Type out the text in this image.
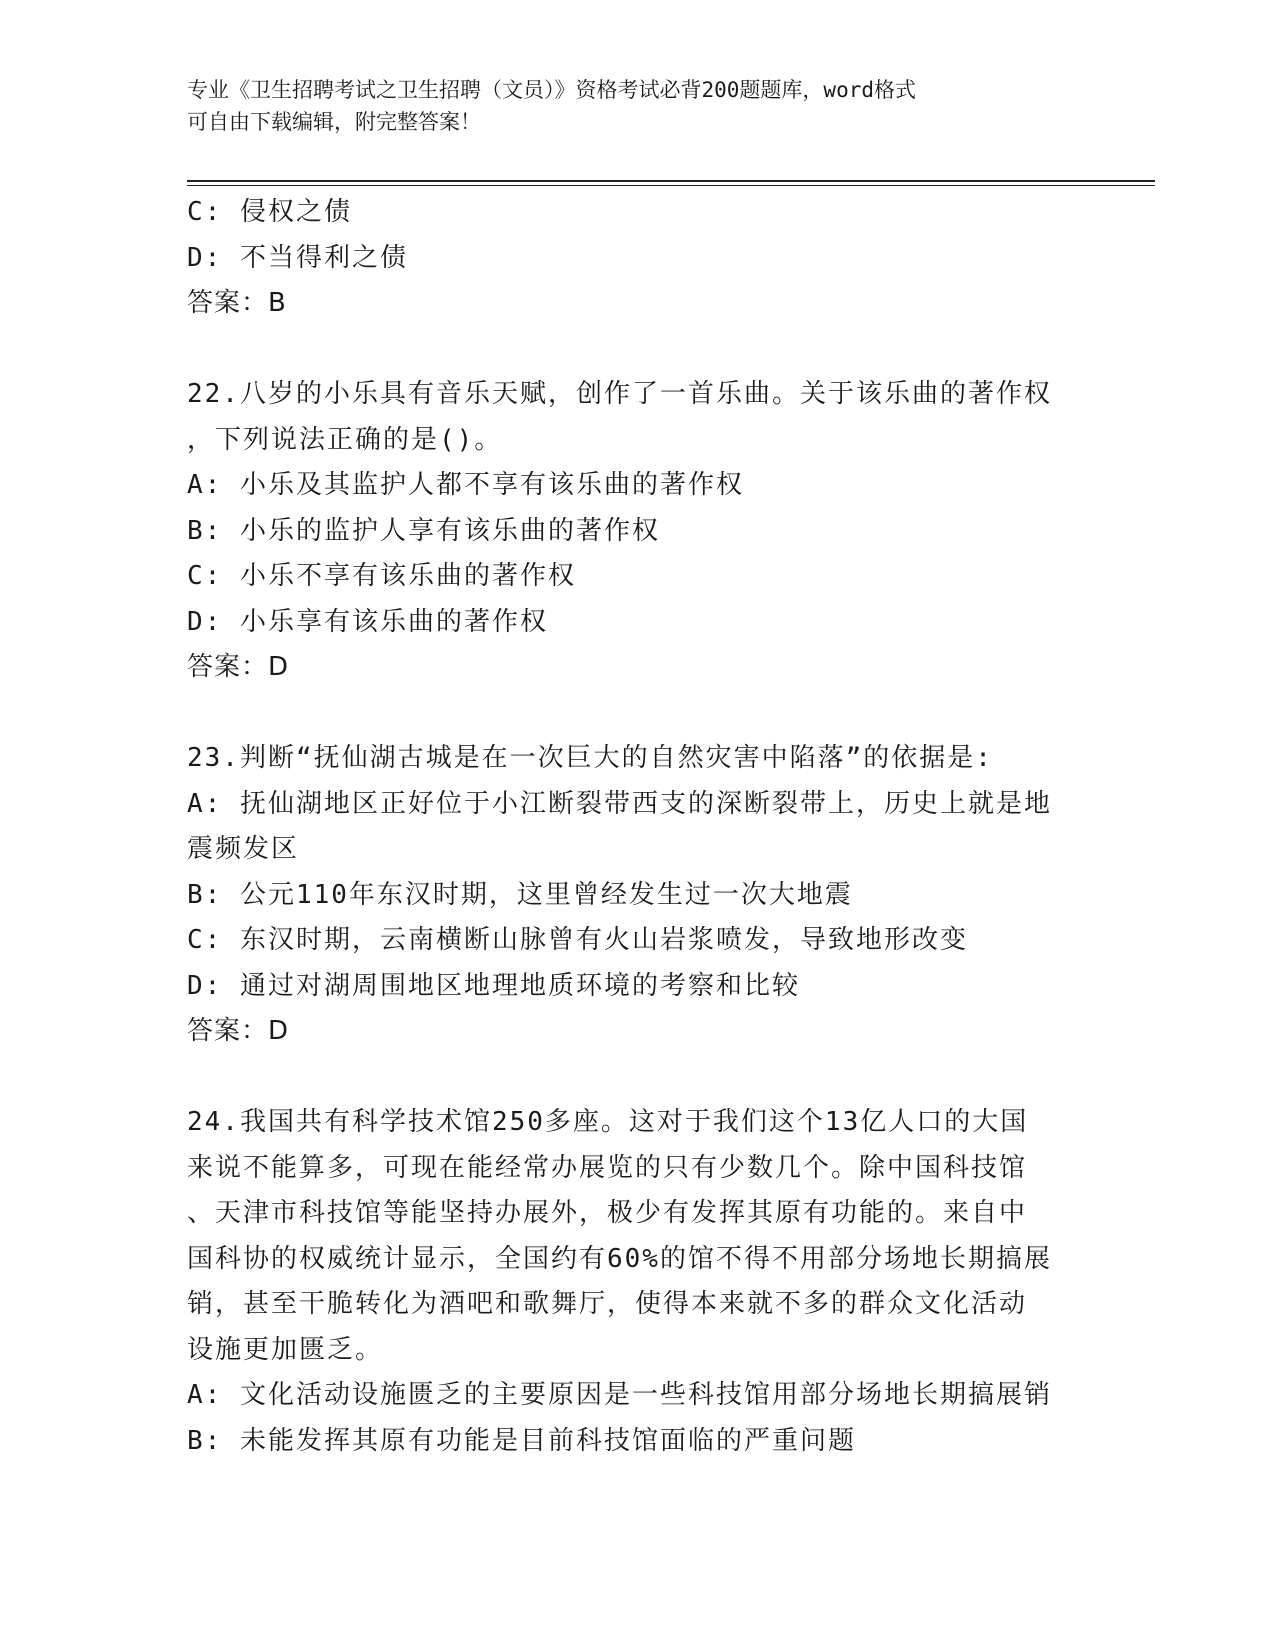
专业《卫生招聘考试之卫生招聘（文员）》资格考试必背200题题库，word格式
可自由下载编辑，附完整答案！
C: 侵权之债
D: 不当得利之债
答案：B
22.八岁的小乐具有音乐天赋，创作了一首乐曲。关于该乐曲的著作权
，下列说法正确的是()。
A: 小乐及其监护人都不享有该乐曲的著作权
B: 小乐的监护人享有该乐曲的著作权
C: 小乐不享有该乐曲的著作权
D: 小乐享有该乐曲的著作权
答案：D
23.判断“抚仙湖古城是在一次巨大的自然灾害中陷落”的依据是:
A: 抚仙湖地区正好位于小江断裂带西支的深断裂带上，历史上就是地
震频发区
B: 公元110年东汉时期，这里曾经发生过一次大地震
C: 东汉时期，云南横断山脉曾有火山岩浆喷发，导致地形改变
D: 通过对湖周围地区地理地质环境的考察和比较
答案：D
24.我国共有科学技术馆250多座。这对于我们这个13亿人口的大国
来说不能算多，可现在能经常办展览的只有少数几个。除中国科技馆
、天津市科技馆等能坚持办展外，极少有发挥其原有功能的。来自中
国科协的权威统计显示，全国约有60%的馆不得不用部分场地长期搞展
销，甚至干脆转化为酒吧和歌舞厅，使得本来就不多的群众文化活动
设施更加匮乏。
A: 文化活动设施匮乏的主要原因是一些科技馆用部分场地长期搞展销
B: 未能发挥其原有功能是目前科技馆面临的严重问题
